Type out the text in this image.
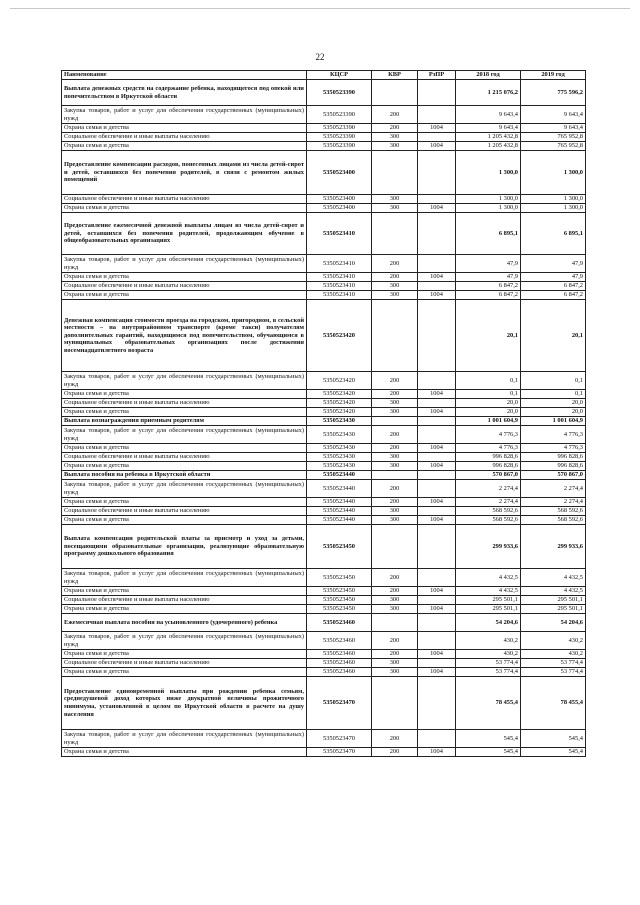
22
Наименование	КЦСР	КВР	РзПР	2018 год	2019 год
Выплата денежных средств на содержание ребенка, находящегося под опекой или попечительством в Иркутской области	5350523390			1 215 076,2	775 596,2
Закупка товаров, работ и услуг для обеспечения государственных (муниципальных) нужд	5350523390	200		9 643,4	9 643,4
Охрана семьи и детства	5350523390	200	1004	9 643,4	9 643,4
Социальное обеспечение и иные выплаты населению	5350523390	300		1 205 432,8	765 952,8
Охрана семьи и детства	5350523390	300	1004	1 205 432,8	765 952,8
Предоставление компенсации расходов, понесенных лицами из числа детей-сирот и детей, оставшихся без попечения родителей, в связи с ремонтом жилых помещений	5350523400			1 300,0	1 300,0
Социальное обеспечение и иные выплаты населению	5350523400	300		1 300,0	1 300,0
Охрана семьи и детства	5350523400	300	1004	1 300,0	1 300,0
Предоставление ежемесячной денежной выплаты лицам из числа детей-сирот и детей, оставшихся без попечения родителей, продолжающим обучение в общеобразовательных организациях	5350523410			6 895,1	6 895,1
Закупка товаров, работ и услуг для обеспечения государственных (муниципальных) нужд	5350523410	200		47,9	47,9
Охрана семьи и детства	5350523410	200	1004	47,9	47,9
Социальное обеспечение и иные выплаты населению	5350523410	300		6 847,2	6 847,2
Охрана семьи и детства	5350523410	300	1004	6 847,2	6 847,2
Денежная компенсация стоимости проезда на городском, пригородном, в сельской местности – на внутрирайонном транспорте (кроме такси) получателям дополнительных гарантий, находящимся под попечительством, обучающимся в муниципальных образовательных организациях после достижения восемнадцатилетнего возраста	5350523420			20,1	20,1
Закупка товаров, работ и услуг для обеспечения государственных (муниципальных) нужд	5350523420	200		0,1	0,1
Охрана семьи и детства	5350523420	200	1004	0,1	0,1
Социальное обеспечение и иные выплаты населению	5350523420	300		20,0	20,0
Охрана семьи и детства	5350523420	300	1004	20,0	20,0
Выплата вознаграждения приемным родителям	5350523430			1 001 604,9	1 001 604,9
Закупка товаров, работ и услуг для обеспечения государственных (муниципальных) нужд	5350523430	200		4 776,3	4 776,3
Охрана семьи и детства	5350523430	200	1004	4 776,3	4 776,3
Социальное обеспечение и иные выплаты населению	5350523430	300		996 828,6	996 828,6
Охрана семьи и детства	5350523430	300	1004	996 828,6	996 828,6
Выплата пособия на ребенка в Иркутской области	5350523440			570 867,0	570 867,0
Закупка товаров, работ и услуг для обеспечения государственных (муниципальных) нужд	5350523440	200		2 274,4	2 274,4
Охрана семьи и детства	5350523440	200	1004	2 274,4	2 274,4
Социальное обеспечение и иные выплаты населению	5350523440	300		568 592,6	568 592,6
Охрана семьи и детства	5350523440	300	1004	568 592,6	568 592,6
Выплата компенсации родительской платы за присмотр и уход за детьми, посещающими образовательные организации, реализующие образовательную программу дошкольного образования	5350523450			299 933,6	299 933,6
Закупка товаров, работ и услуг для обеспечения государственных (муниципальных) нужд	5350523450	200		4 432,5	4 432,5
Охрана семьи и детства	5350523450	200	1004	4 432,5	4 432,5
Социальное обеспечение и иные выплаты населению	5350523450	300		295 501,1	295 501,1
Охрана семьи и детства	5350523450	300	1004	295 501,1	295 501,1
Ежемесячная выплата пособия на усыновленного (удочеренного) ребенка	5350523460			54 204,6	54 204,6
Закупка товаров, работ и услуг для обеспечения государственных (муниципальных) нужд	5350523460	200		430,2	430,2
Охрана семьи и детства	5350523460	200	1004	430,2	430,2
Социальное обеспечение и иные выплаты населению	5350523460	300		53 774,4	53 774,4
Охрана семьи и детства	5350523460	300	1004	53 774,4	53 774,4
Предоставление единовременной выплаты при рождении ребенка семьям, среднедушевой доход которых ниже двукратной величины прожиточного минимума, установленной в целом по Иркутской области в расчете на душу населения	5350523470			78 455,4	78 455,4
Закупка товаров, работ и услуг для обеспечения государственных (муниципальных) нужд	5350523470	200		545,4	545,4
Охрана семьи и детства	5350523470	200	1004	545,4	545,4
